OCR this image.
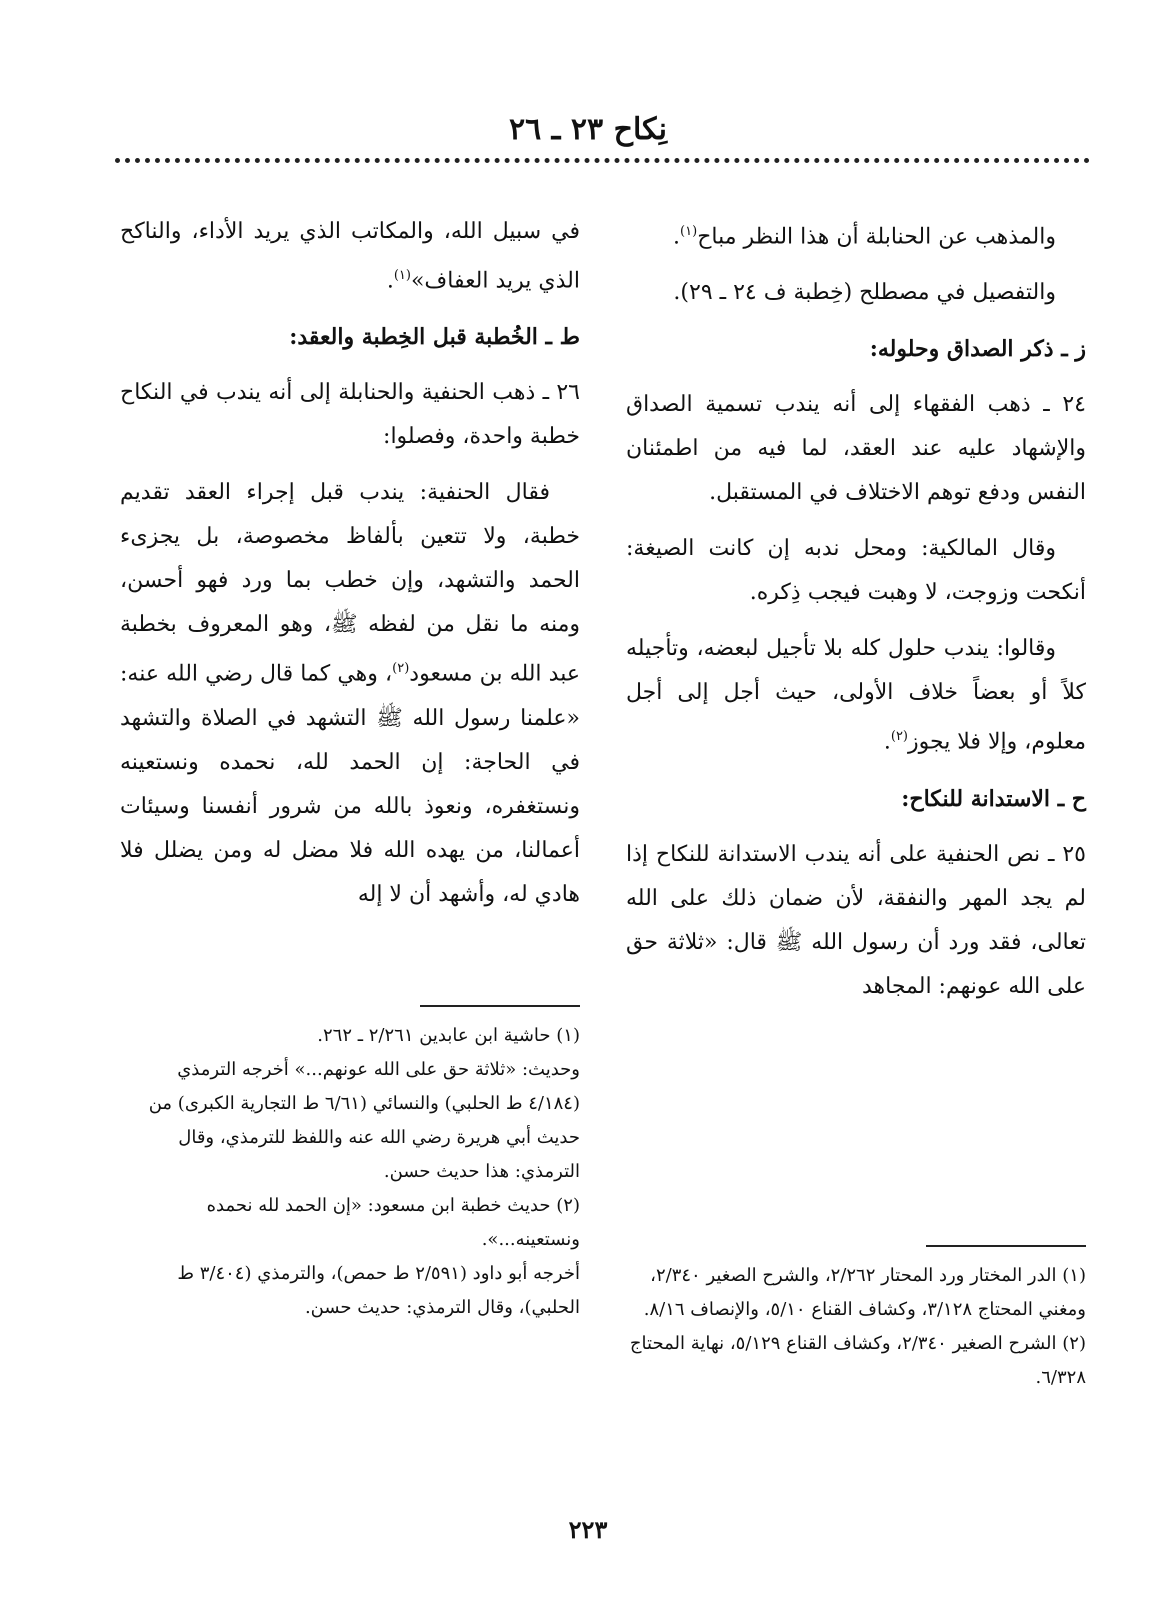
نِكاح ٢٣ ـ ٢٦

والمذهب عن الحنابلة أن هذا النظر مباح$^{(١)}$.

والتفصيل في مصطلح (خِطبة ف ٢٤ ـ ٢٩).

ز ـ ذكر الصداق وحلوله:

٢٤ ـ ذهب الفقهاء إلى أنه يندب تسمية الصداق والإشهاد عليه عند العقد، لما فيه من اطمئنان النفس ودفع توهم الاختلاف في المستقبل.

وقال المالكية: ومحل ندبه إن كانت الصيغة: أنكحت وزوجت، لا وهبت فيجب ذِكره.

وقالوا: يندب حلول كله بلا تأجيل لبعضه، وتأجيله كلاً أو بعضاً خلاف الأولى، حيث أجل إلى أجل معلوم، وإلا فلا يجوز$^{(٢)}$.

ح ـ الاستدانة للنكاح:

٢٥ ـ نص الحنفية على أنه يندب الاستدانة للنكاح إذا لم يجد المهر والنفقة، لأن ضمان ذلك على الله تعالى، فقد ورد أن رسول الله ﷺ قال: «ثلاثة حق على الله عونهم: المجاهد

في سبيل الله، والمكاتب الذي يريد الأداء، والناكح الذي يريد العفاف»$^{(١)}$.

ط ـ الخُطبة قبل الخِطبة والعقد:

٢٦ ـ ذهب الحنفية والحنابلة إلى أنه يندب في النكاح خطبة واحدة، وفصلوا:

فقال الحنفية: يندب قبل إجراء العقد تقديم خطبة، ولا تتعين بألفاظ مخصوصة، بل يجزىء الحمد والتشهد، وإن خطب بما ورد فهو أحسن، ومنه ما نقل من لفظه ﷺ، وهو المعروف بخطبة عبد الله بن مسعود$^{(٢)}$، وهي كما قال رضي الله عنه: «علمنا رسول الله ﷺ التشهد في الصلاة والتشهد في الحاجة: إن الحمد لله، نحمده ونستعينه ونستغفره، ونعوذ بالله من شرور أنفسنا وسيئات أعمالنا، من يهده الله فلا مضل له ومن يضلل فلا هادي له، وأشهد أن لا إله

(١) الدر المختار ورد المحتار ٢/٢٦٢، والشرح الصغير ٢/٣٤٠، ومغني المحتاج ٣/١٢٨، وكشاف القناع ٥/١٠، والإنصاف ٨/١٦.

(٢) الشرح الصغير ٢/٣٤٠، وكشاف القناع ٥/١٢٩، نهاية المحتاج ٦/٣٢٨.

(١) حاشية ابن عابدين ٢/٢٦١ ـ ٢٦٢.

وحديث: «ثلاثة حق على الله عونهم...» أخرجه الترمذي (٤/١٨٤ ط الحلبي) والنسائي (٦/٦١ ط التجارية الكبرى) من حديث أبي هريرة رضي الله عنه واللفظ للترمذي، وقال الترمذي: هذا حديث حسن.

(٢) حديث خطبة ابن مسعود: «إن الحمد لله نحمده ونستعينه...».

أخرجه أبو داود (٢/٥٩١ ط حمص)، والترمذي (٣/٤٠٤ ط الحلبي)، وقال الترمذي: حديث حسن.

٢٢٣
